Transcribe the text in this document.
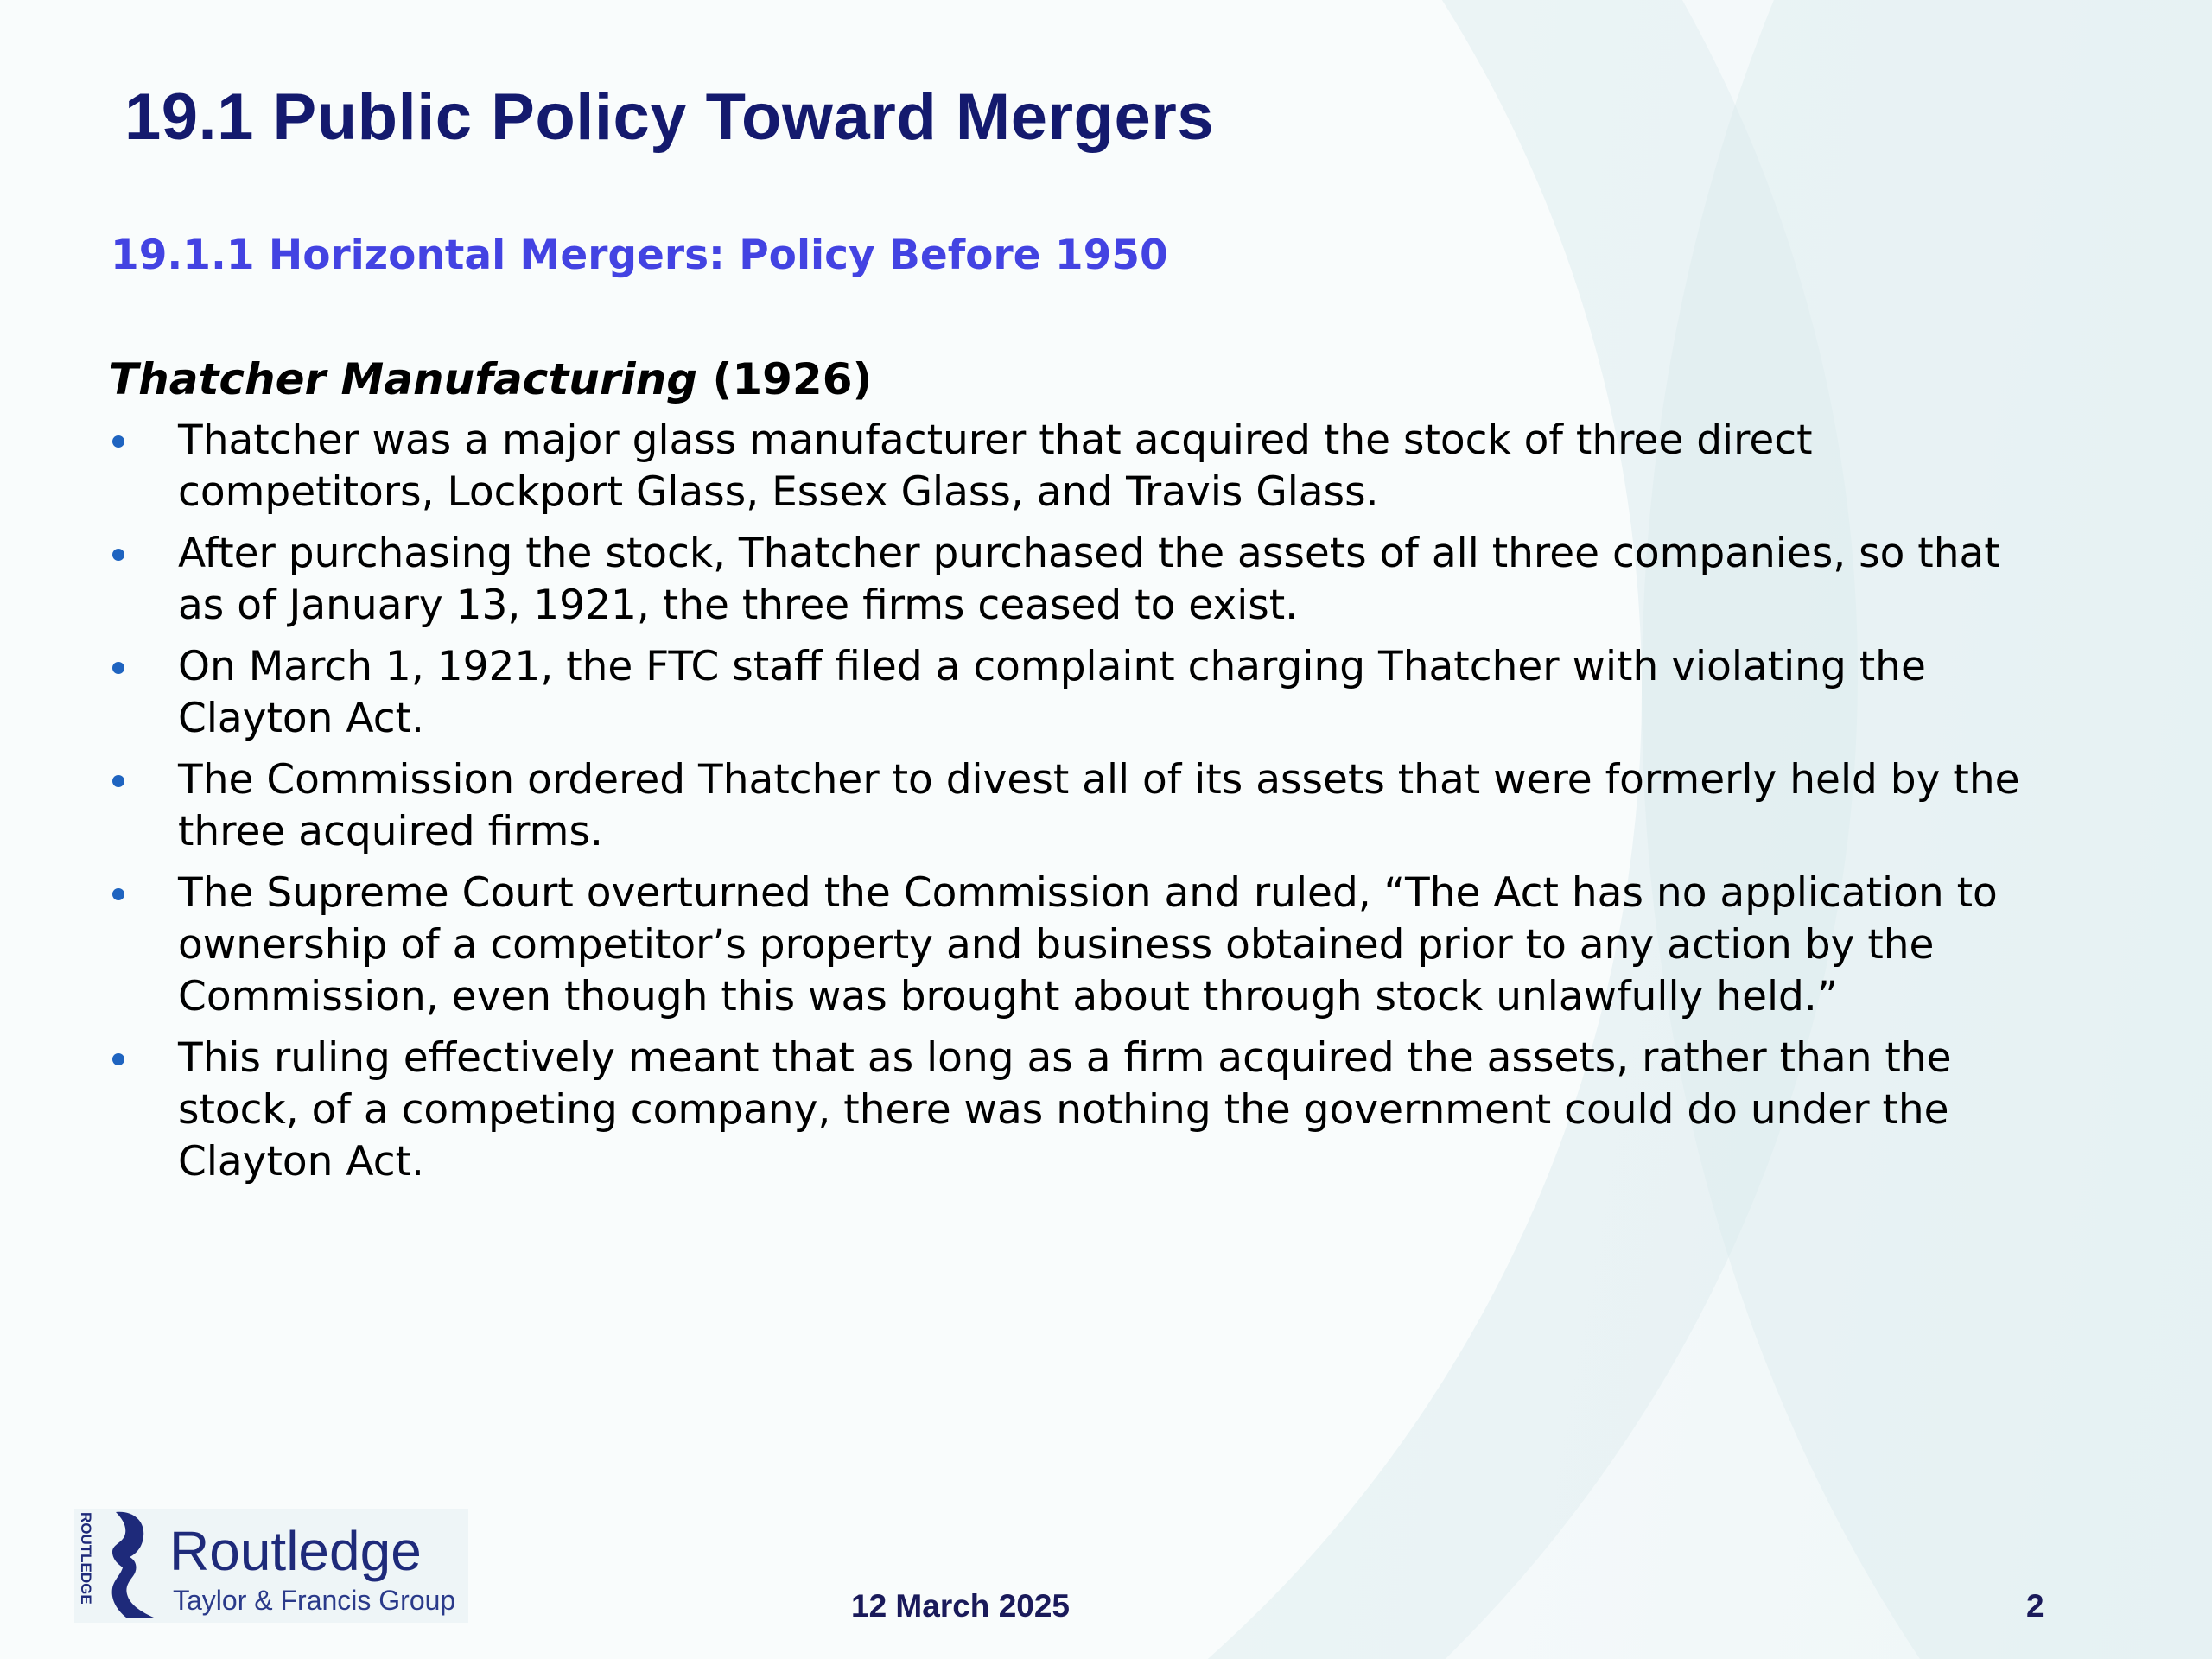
19.1 Public Policy Toward Mergers
19.1.1 Horizontal Mergers: Policy Before 1950
Thatcher Manufacturing (1926)
Thatcher was a major glass manufacturer that acquired the stock of three direct competitors, Lockport Glass, Essex Glass, and Travis Glass.
After purchasing the stock, Thatcher purchased the assets of all three companies, so that as of January 13, 1921, the three firms ceased to exist.
On March 1, 1921, the FTC staff filed a complaint charging Thatcher with violating the Clayton Act.
The Commission ordered Thatcher to divest all of its assets that were formerly held by the three acquired firms.
The Supreme Court overturned the Commission and ruled, “The Act has no application to ownership of a competitor’s property and business obtained prior to any action by the Commission, even though this was brought about through stock unlawfully held.”
This ruling effectively meant that as long as a firm acquired the assets, rather than the stock, of a competing company, there was nothing the government could do under the Clayton Act.
ROUTLEDGE Routledge
Taylor & Francis Group	12 March 2025	2
